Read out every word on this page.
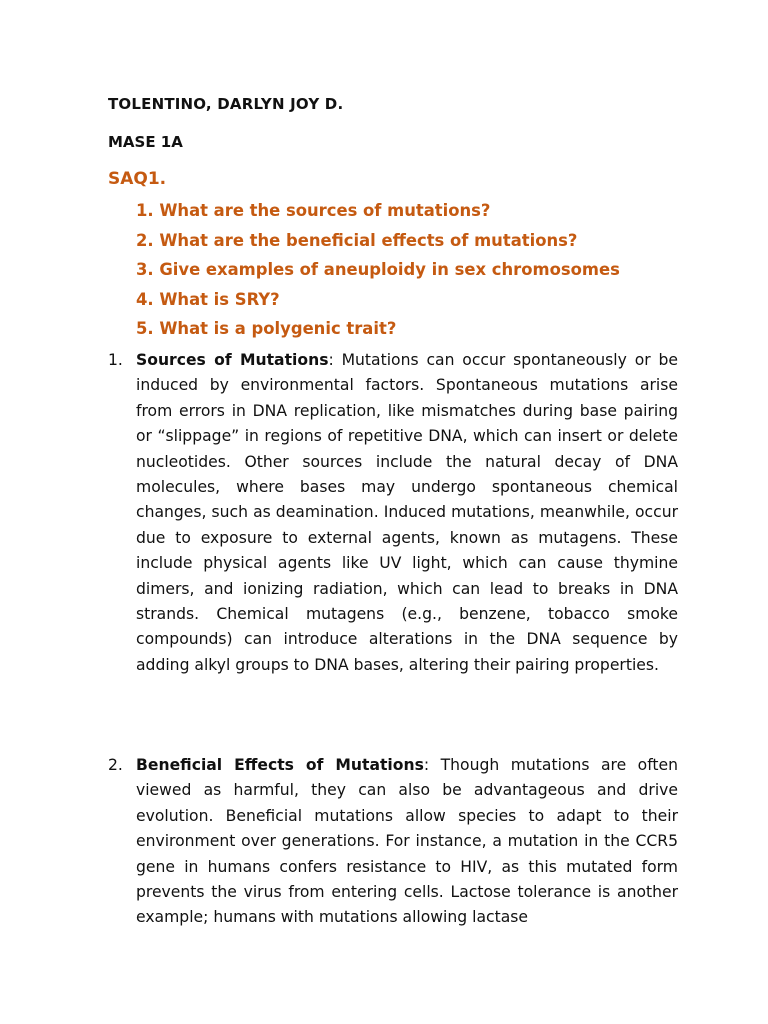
TOLENTINO, DARLYN JOY D.
MASE 1A
SAQ1.
1. What are the sources of mutations?
2. What are the beneficial effects of mutations?
3. Give examples of aneuploidy in sex chromosomes
4. What is SRY?
5. What is a polygenic trait?
1. Sources of Mutations: Mutations can occur spontaneously or be induced by environmental factors. Spontaneous mutations arise from errors in DNA replication, like mismatches during base pairing or “slippage” in regions of repetitive DNA, which can insert or delete nucleotides. Other sources include the natural decay of DNA molecules, where bases may undergo spontaneous chemical changes, such as deamination. Induced mutations, meanwhile, occur due to exposure to external agents, known as mutagens. These include physical agents like UV light, which can cause thymine dimers, and ionizing radiation, which can lead to breaks in DNA strands. Chemical mutagens (e.g., benzene, tobacco smoke compounds) can introduce alterations in the DNA sequence by adding alkyl groups to DNA bases, altering their pairing properties.
2. Beneficial Effects of Mutations: Though mutations are often viewed as harmful, they can also be advantageous and drive evolution. Beneficial mutations allow species to adapt to their environment over generations. For instance, a mutation in the CCR5 gene in humans confers resistance to HIV, as this mutated form prevents the virus from entering cells. Lactose tolerance is another example; humans with mutations allowing lactase
